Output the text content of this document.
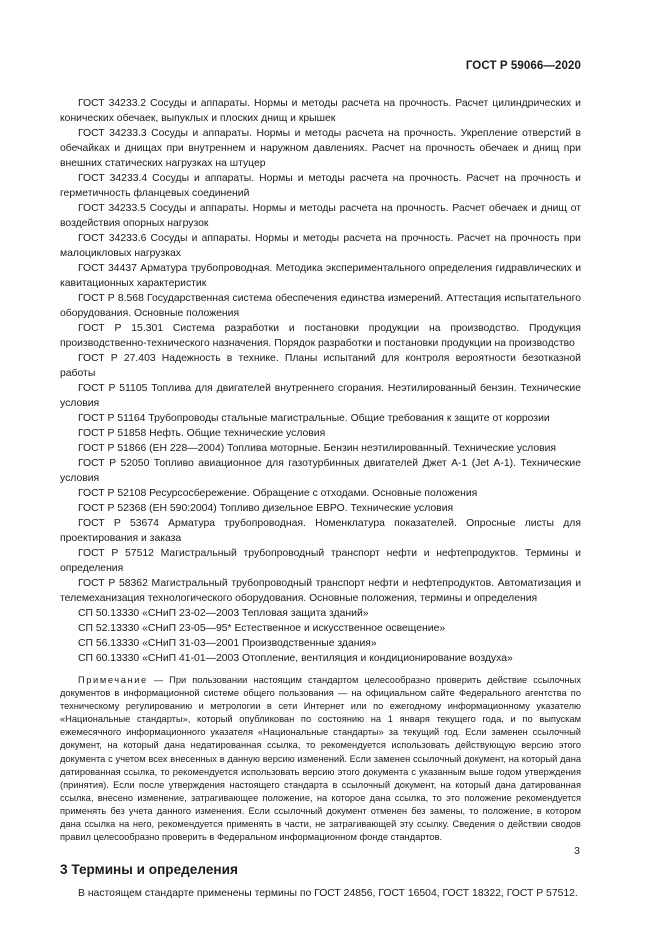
ГОСТ Р 59066—2020

ГОСТ 34233.2 Сосуды и аппараты. Нормы и методы расчета на прочность. Расчет цилиндрических и конических обечаек, выпуклых и плоских днищ и крышек

ГОСТ 34233.3 Сосуды и аппараты. Нормы и методы расчета на прочность. Укрепление отверстий в обечайках и днищах при внутреннем и наружном давлениях. Расчет на прочность обечаек и днищ при внешних статических нагрузках на штуцер

ГОСТ 34233.4 Сосуды и аппараты. Нормы и методы расчета на прочность. Расчет на прочность и герметичность фланцевых соединений

ГОСТ 34233.5 Сосуды и аппараты. Нормы и методы расчета на прочность. Расчет обечаек и днищ от воздействия опорных нагрузок

ГОСТ 34233.6 Сосуды и аппараты. Нормы и методы расчета на прочность. Расчет на прочность при малоцикловых нагрузках

ГОСТ 34437 Арматура трубопроводная. Методика экспериментального определения гидравлических и кавитационных характеристик

ГОСТ Р 8.568 Государственная система обеспечения единства измерений. Аттестация испытательного оборудования. Основные положения

ГОСТ Р 15.301 Система разработки и постановки продукции на производство. Продукция производственно-технического назначения. Порядок разработки и постановки продукции на производство

ГОСТ Р 27.403 Надежность в технике. Планы испытаний для контроля вероятности безотказной работы

ГОСТ Р 51105 Топлива для двигателей внутреннего сгорания. Неэтилированный бензин. Технические условия

ГОСТ Р 51164 Трубопроводы стальные магистральные. Общие требования к защите от коррозии

ГОСТ Р 51858 Нефть. Общие технические условия

ГОСТ Р 51866 (ЕН 228—2004) Топлива моторные. Бензин неэтилированный. Технические условия

ГОСТ Р 52050 Топливо авиационное для газотурбинных двигателей Джет А-1 (Jet А-1). Технические условия

ГОСТ Р 52108 Ресурсосбережение. Обращение с отходами. Основные положения

ГОСТ Р 52368 (ЕН 590:2004) Топливо дизельное ЕВРО. Технические условия

ГОСТ Р 53674 Арматура трубопроводная. Номенклатура показателей. Опросные листы для проектирования и заказа

ГОСТ Р 57512 Магистральный трубопроводный транспорт нефти и нефтепродуктов. Термины и определения

ГОСТ Р 58362 Магистральный трубопроводный транспорт нефти и нефтепродуктов. Автоматизация и телемеханизация технологического оборудования. Основные положения, термины и определения

СП 50.13330 «СНиП 23-02—2003 Тепловая защита зданий»

СП 52.13330 «СНиП 23-05—95* Естественное и искусственное освещение»

СП 56.13330 «СНиП 31-03—2001 Производственные здания»

СП 60.13330 «СНиП 41-01—2003 Отопление, вентиляция и кондиционирование воздуха»

Примечание — При пользовании настоящим стандартом целесообразно проверить действие ссылочных документов в информационной системе общего пользования — на официальном сайте Федерального агентства по техническому регулированию и метрологии в сети Интернет или по ежегодному информационному указателю «Национальные стандарты», который опубликован по состоянию на 1 января текущего года, и по выпускам ежемесячного информационного указателя «Национальные стандарты» за текущий год. Если заменен ссылочный документ, на который дана недатированная ссылка, то рекомендуется использовать действующую версию этого документа с учетом всех внесенных в данную версию изменений. Если заменен ссылочный документ, на который дана датированная ссылка, то рекомендуется использовать версию этого документа с указанным выше годом утверждения (принятия). Если после утверждения настоящего стандарта в ссылочный документ, на который дана датированная ссылка, внесено изменение, затрагивающее положение, на которое дана ссылка, то это положение рекомендуется применять без учета данного изменения. Если ссылочный документ отменен без замены, то положение, в котором дана ссылка на него, рекомендуется применять в части, не затрагивающей эту ссылку. Сведения о действии сводов правил целесообразно проверить в Федеральном информационном фонде стандартов.

3 Термины и определения

В настоящем стандарте применены термины по ГОСТ 24856, ГОСТ 16504, ГОСТ 18322, ГОСТ Р 57512.

3
